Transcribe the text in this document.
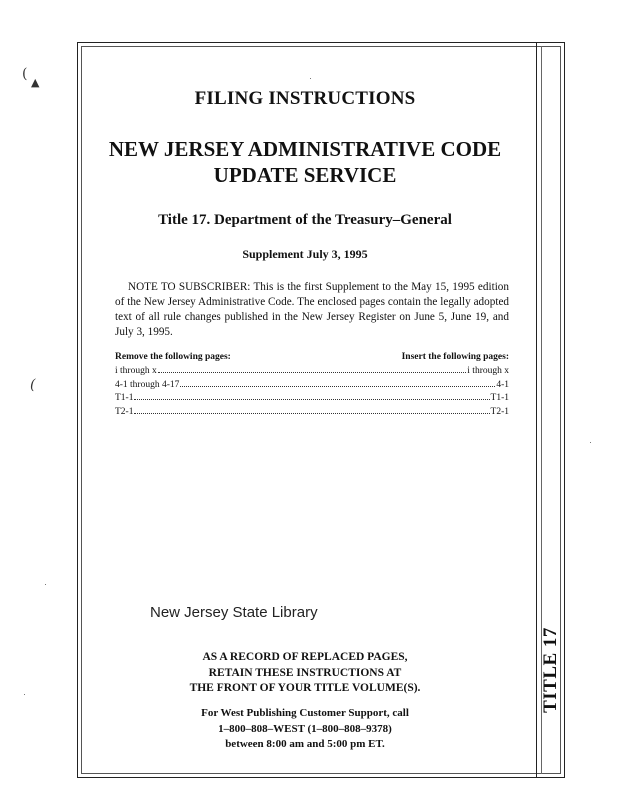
TITLE 17
(
▲
(
FILING INSTRUCTIONS
NEW JERSEY ADMINISTRATIVE CODE
UPDATE SERVICE
Title 17. Department of the Treasury–General
Supplement July 3, 1995

NOTE TO SUBSCRIBER: This is the first Supplement to the May 15, 1995 edition of the New Jersey Administrative Code. The enclosed pages contain the legally adopted text of all rule changes published in the New Jersey Register on June 5, June 19, and July 3, 1995.

Remove the following pages:	Insert the following pages:
i through x	i through x
4-1 through 4-17	4-1
T1-1	T1-1
T2-1	T2-1
New Jersey State Library
AS A RECORD OF REPLACED PAGES,
RETAIN THESE INSTRUCTIONS AT
THE FRONT OF YOUR TITLE VOLUME(S).
For West Publishing Customer Support, call
1–800–808–WEST (1–800–808–9378)
between 8:00 am and 5:00 pm ET.
